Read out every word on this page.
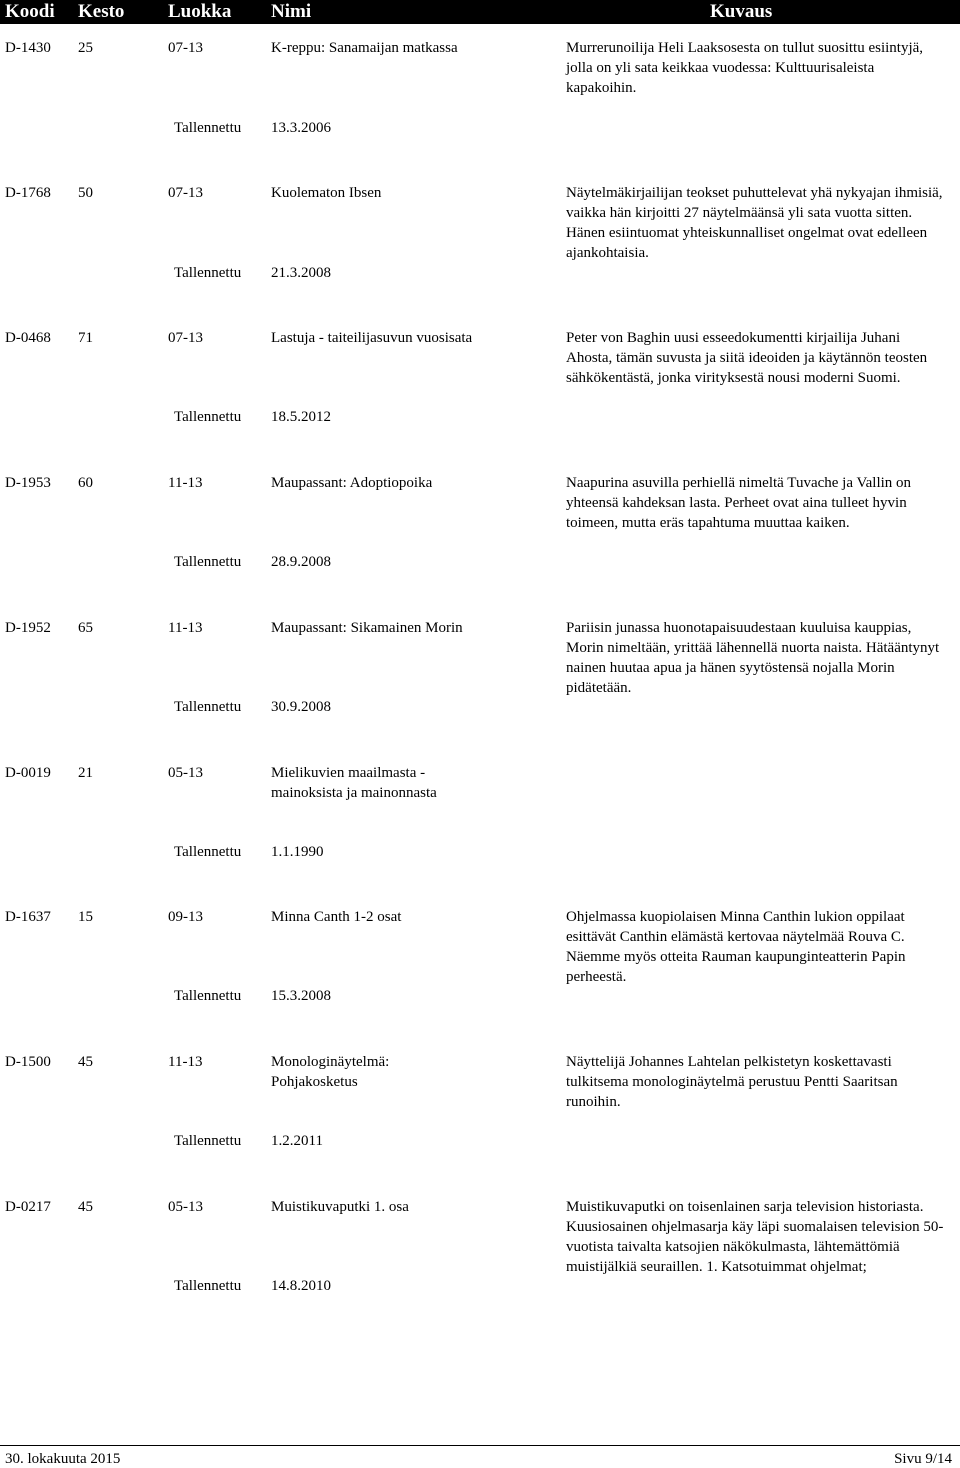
Koodi Kesto Luokka Nimi	Kuvaus
D-1430 25	07-13	K-reppu: Sanamaijan matkassa	Murrerunoilija Heli Laaksosesta on tullut suosittu esiintyjä, jolla on yli sata keikkaa vuodessa: Kulttuurisaleista kapakoihin.
Tallennettu 13.3.2006
D-1768 50	07-13	Kuolematon Ibsen	Näytelmäkirjailijan teokset puhuttelevat yhä nykyajan ihmisiä, vaikka hän kirjoitti 27 näytelmäänsä yli sata vuotta sitten. Hänen esiintuomat yhteiskunnalliset ongelmat ovat edelleen ajankohtaisia.
Tallennettu 21.3.2008
D-0468 71	07-13	Lastuja - taiteilijasuvun vuosisata	Peter von Baghin uusi esseedokumentti kirjailija Juhani Ahosta, tämän suvusta ja siitä ideoiden ja käytännön teosten sähkökentästä, jonka virityksestä nousi moderni Suomi.
Tallennettu 18.5.2012
D-1953 60	11-13	Maupassant: Adoptiopoika	Naapurina asuvilla perhiellä nimeltä Tuvache ja Vallin on yhteensä kahdeksan lasta. Perheet ovat aina tulleet hyvin toimeen, mutta eräs tapahtuma muuttaa kaiken.
Tallennettu 28.9.2008
D-1952 65	11-13	Maupassant: Sikamainen Morin	Pariisin junassa huonotapaisuudestaan kuuluisa kauppias, Morin nimeltään, yrittää lähennellä nuorta naista. Hätääntynyt nainen huutaa apua ja hänen syytöstensä nojalla Morin pidätetään.
Tallennettu 30.9.2008
D-0019 21	05-13	Mielikuvien maailmasta - mainoksista ja mainonnasta
Tallennettu 1.1.1990
D-1637 15	09-13	Minna Canth 1-2 osat	Ohjelmassa kuopiolaisen Minna Canthin lukion oppilaat esittävät Canthin elämästä kertovaa näytelmää Rouva C. Näemme myös otteita Rauman kaupunginteatterin Papin perheestä.
Tallennettu 15.3.2008
D-1500 45	11-13	Monologinäytelmä: Pohjakosketus
Näyttelijä Johannes Lahtelan pelkistetyn koskettavasti tulkitsema monologinäytelmä perustuu Pentti Saaritsan runoihin.
Tallennettu 1.2.2011
D-0217 45	05-13	Muistikuvaputki 1. osa	Muistikuvaputki on toisenlainen sarja television historiasta. Kuusiosainen ohjelmasarja käy läpi suomalaisen television 50-vuotista taivalta katsojien näkökulmasta, lähtemättömiä muistijälkiä seuraillen. 1. Katsotuimmat ohjelmat;
Tallennettu 14.8.2010
30. lokakuuta 2015	Sivu 9/14
